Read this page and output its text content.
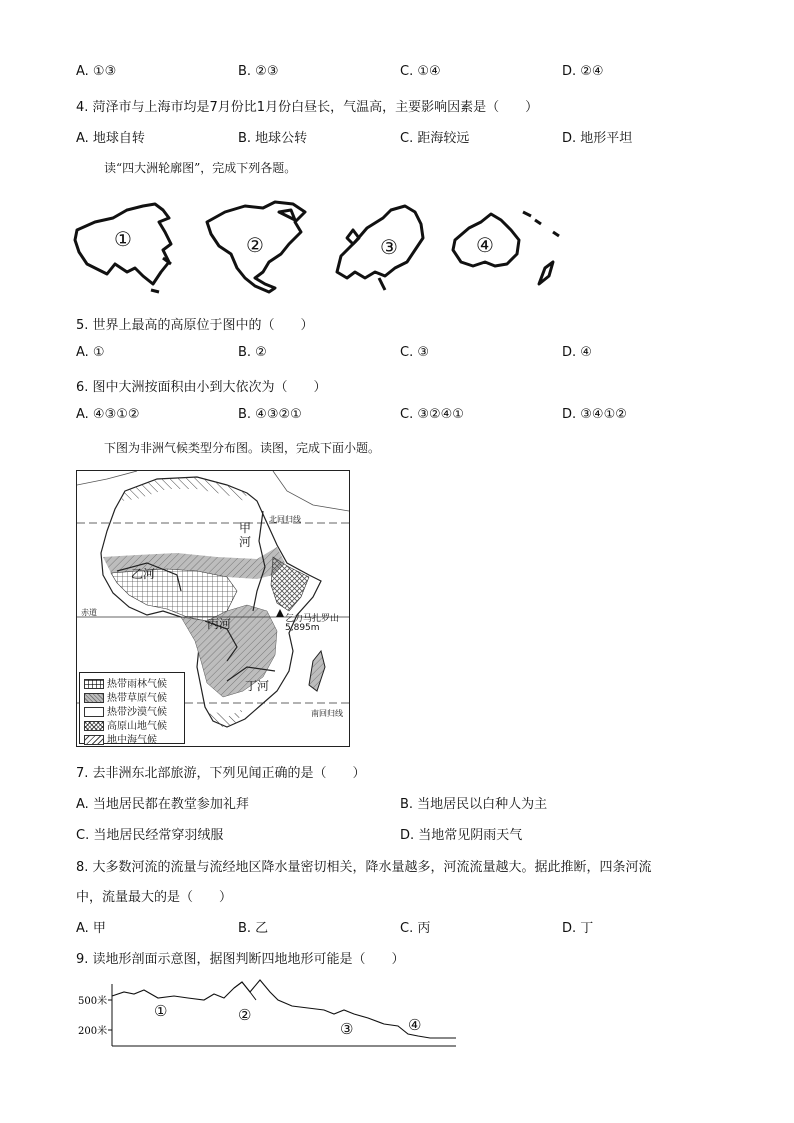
A. ①③	B. ②③	C. ①④	D. ②④
4. 菏泽市与上海市均是7月份比1月份白昼长，气温高，主要影响因素是（　　）
A. 地球自转	B. 地球公转	C. 距海较远	D. 地形平坦
读“四大洲轮廓图”，完成下列各题。
①	②	③	④
5. 世界上最高的高原位于图中的（　　）
A. ①	B. ②	C. ③	D. ④
6. 图中大洲按面积由小到大依次为（　　）
A. ④③①②	B. ④③②①	C. ③②④①	D. ③④①②
下图为非洲气候类型分布图。读图，完成下面小题。
甲
河
北回归线
乙河
赤道
丙河	乞力马扎罗山
5,895m
丁河
南回归线
热带雨林气候
热带草原气候
热带沙漠气候
高原山地气候
地中海气候
7. 去非洲东北部旅游，下列见闻正确的是（　　）
A. 当地居民都在教堂参加礼拜	B. 当地居民以白种人为主
C. 当地居民经常穿羽绒服	D. 当地常见阴雨天气
8. 大多数河流的流量与流经地区降水量密切相关，降水量越多，河流流量越大。据此推断，四条河流
中，流量最大的是（　　）
A. 甲	B. 乙	C. 丙	D. 丁
9. 读地形剖面示意图，据图判断四地地形可能是（　　）
500米
200米
①	②
③	④
